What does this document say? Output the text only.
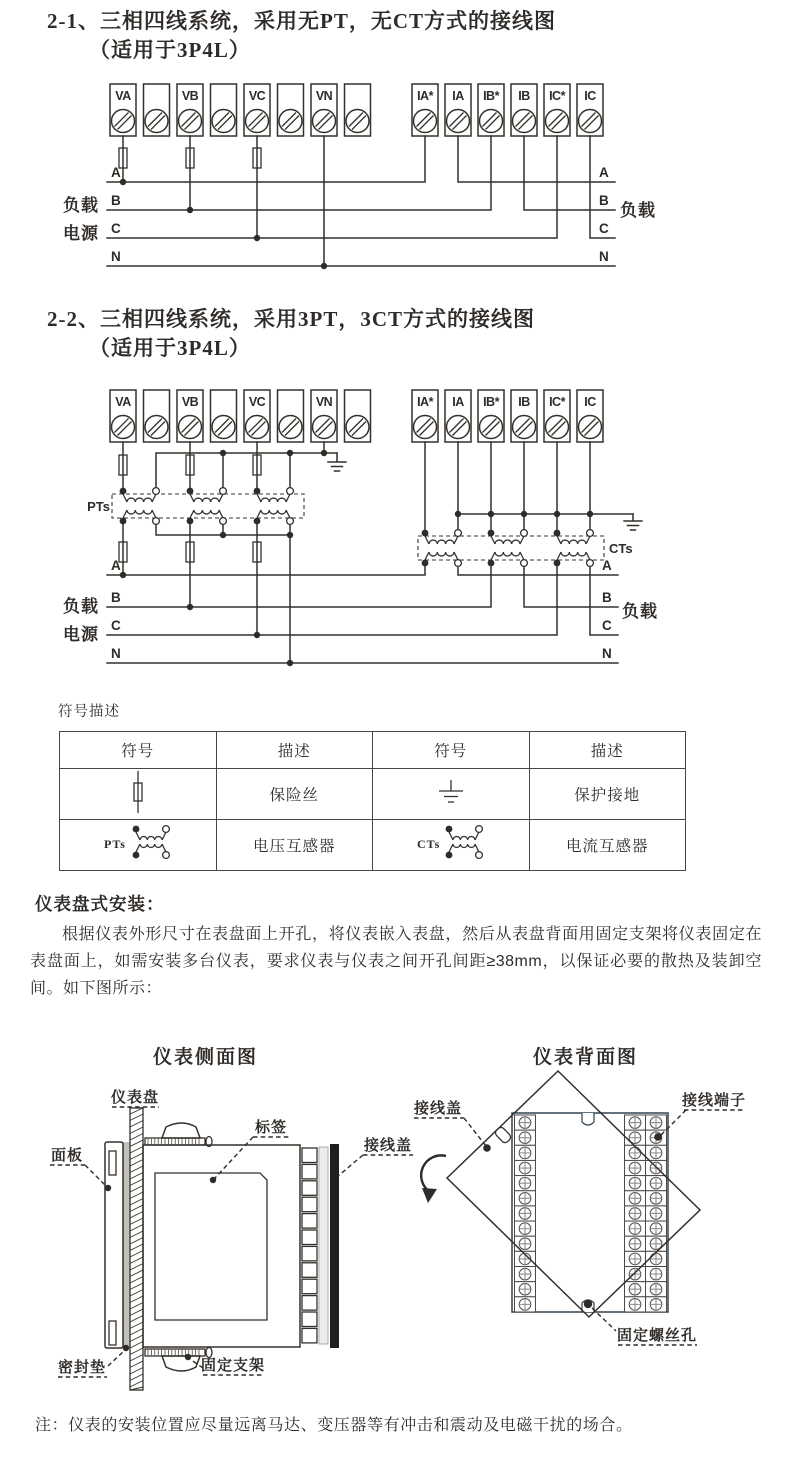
2-1、三相四线系统，采用无PT，无CT方式的接线图
（适用于3P4L）
2-2、三相四线系统，采用3PT，3CT方式的接线图
（适用于3P4L）
VA	VB	VC	VN	IA* IA IB* IB IC* IC
A
B
C
N
负载
电源
A
B
C
N
负载
VA	VB	VC	VN	IA* IA IB* IB IC* IC
PTs
CTs
A
B
C
N
负载
电源
A
B
C
N
负载
仪表盘
面板
标签
接线盖
密封垫	固定支架
接线盖	接线端子
固定螺丝孔
符号描述
符号	描述	符号	描述
	保险丝		保护接地

PTs	电压互感器	CTs	电流互感器
仪表盘式安装：
根据仪表外形尺寸在表盘面上开孔，将仪表嵌入表盘，然后从表盘背面用固定支架将仪表固定在表盘面上，如需安装多台仪表，要求仪表与仪表之间开孔间距≥38mm，以保证必要的散热及装卸空间。如下图所示：
仪表侧面图	仪表背面图
注：仪表的安装位置应尽量远离马达、变压器等有冲击和震动及电磁干扰的场合。
